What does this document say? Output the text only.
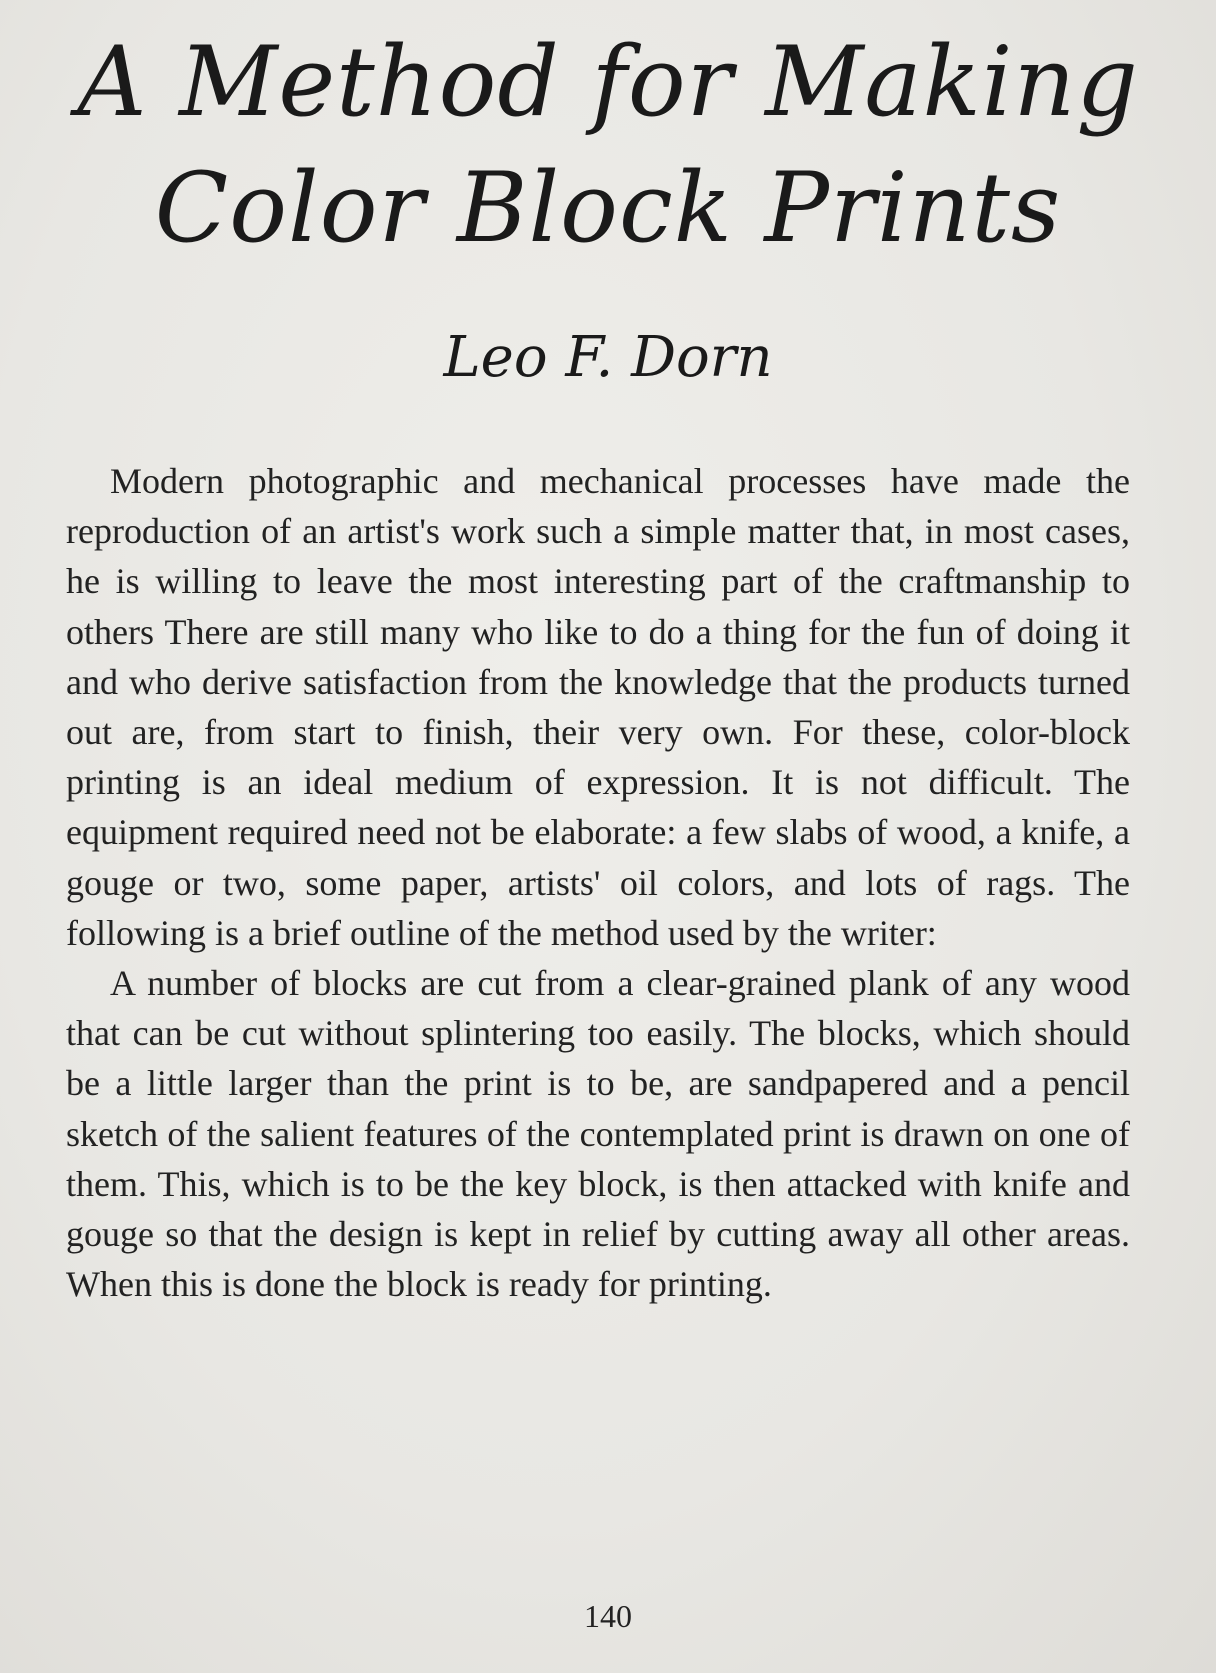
A Method for Making
Color Block Prints
Leo F. Dorn

Modern photographic and mechanical processes have made the reproduction of an artist's work such a simple matter that, in most cases, he is willing to leave the most interesting part of the craftmanship to others There are still many who like to do a thing for the fun of doing it and who derive satisfaction from the knowledge that the products turned out are, from start to finish, their very own. For these, color-block printing is an ideal medium of expression. It is not difficult. The equipment required need not be elaborate: a few slabs of wood, a knife, a gouge or two, some paper, artists' oil colors, and lots of rags. The following is a brief outline of the method used by the writer:

A number of blocks are cut from a clear-grained plank of any wood that can be cut without splintering too easily. The blocks, which should be a little larger than the print is to be, are sandpapered and a pencil sketch of the salient features of the contemplated print is drawn on one of them. This, which is to be the key block, is then attacked with knife and gouge so that the design is kept in relief by cutting away all other areas. When this is done the block is ready for printing.

140
